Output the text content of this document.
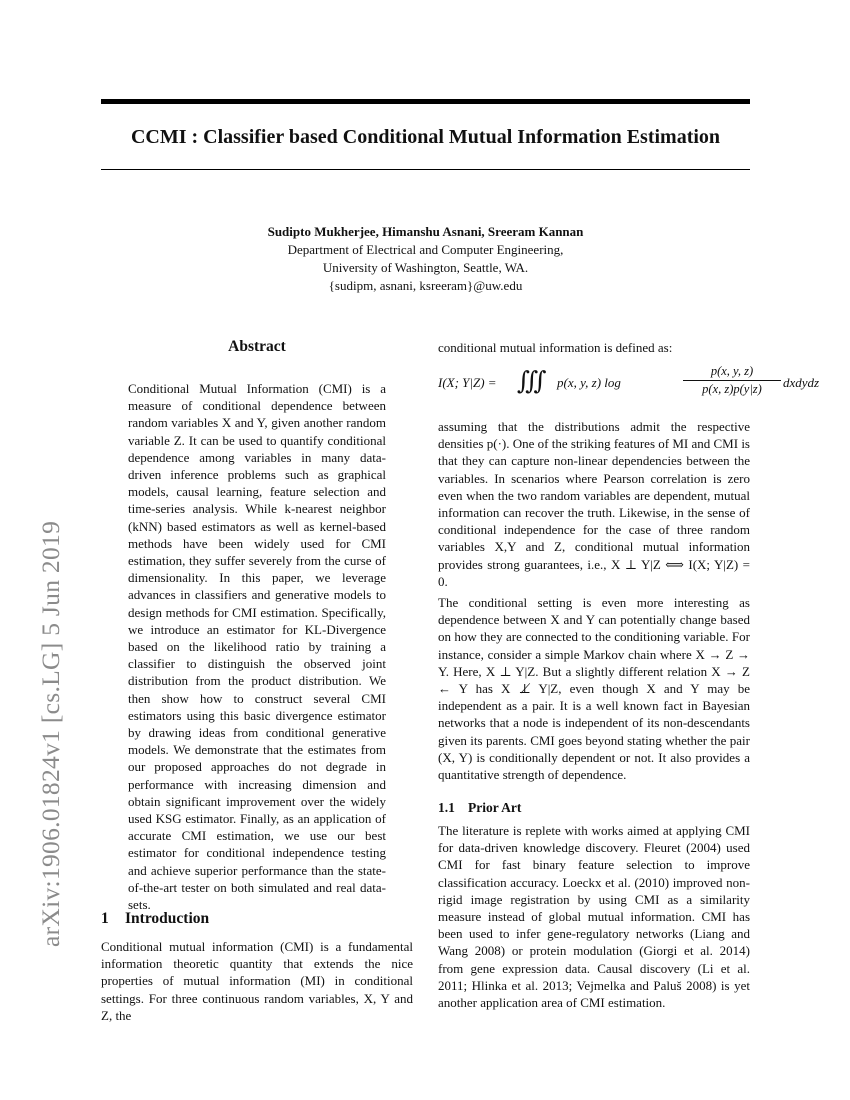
CCMI : Classifier based Conditional Mutual Information Estimation
Sudipto Mukherjee, Himanshu Asnani, Sreeram Kannan
Department of Electrical and Computer Engineering,
University of Washington, Seattle, WA.
{sudipm, asnani, ksreeram}@uw.edu
arXiv:1906.01824v1 [cs.LG] 5 Jun 2019
Abstract

Conditional Mutual Information (CMI) is a measure of conditional dependence between random variables X and Y, given another random variable Z. It can be used to quantify conditional dependence among variables in many data-driven inference problems such as graphical models, causal learning, feature selection and time-series analysis. While k-nearest neighbor (kNN) based estimators as well as kernel-based methods have been widely used for CMI estimation, they suffer severely from the curse of dimensionality. In this paper, we leverage advances in classifiers and generative models to design methods for CMI estimation. Specifically, we introduce an estimator for KL-Divergence based on the likelihood ratio by training a classifier to distinguish the observed joint distribution from the product distribution. We then show how to construct several CMI estimators using this basic divergence estimator by drawing ideas from conditional generative models. We demonstrate that the estimates from our proposed approaches do not degrade in performance with increasing dimension and obtain significant improvement over the widely used KSG estimator. Finally, as an application of accurate CMI estimation, we use our best estimator for conditional independence testing and achieve superior performance than the state-of-the-art tester on both simulated and real data-sets.

1 Introduction

Conditional mutual information (CMI) is a fundamental information theoretic quantity that extends the nice properties of mutual information (MI) in conditional settings. For three continuous random variables, X, Y and Z, the

conditional mutual information is defined as:

I(X; Y|Z) = ∭ p(x, y, z) log	$\frac{p(x, y, z)}{p(x, z)p(y|z)}$ dxdydz

assuming that the distributions admit the respective densities p(·). One of the striking features of MI and CMI is that they can capture non-linear dependencies between the variables. In scenarios where Pearson correlation is zero even when the two random variables are dependent, mutual information can recover the truth. Likewise, in the sense of conditional independence for the case of three random variables X,Y and Z, conditional mutual information provides strong guarantees, i.e., X ⊥ Y|Z ⟺ I(X; Y|Z) = 0.

The conditional setting is even more interesting as dependence between X and Y can potentially change based on how they are connected to the conditioning variable. For instance, consider a simple Markov chain where X → Z → Y. Here, X ⊥ Y|Z. But a slightly different relation X → Z ← Y has X ⊥̸ Y|Z, even though X and Y may be independent as a pair. It is a well known fact in Bayesian networks that a node is independent of its non-descendants given its parents. CMI goes beyond stating whether the pair (X, Y) is conditionally dependent or not. It also provides a quantitative strength of dependence.

1.1 Prior Art

The literature is replete with works aimed at applying CMI for data-driven knowledge discovery. Fleuret (2004) used CMI for fast binary feature selection to improve classification accuracy. Loeckx et al. (2010) improved non-rigid image registration by using CMI as a similarity measure instead of global mutual information. CMI has been used to infer gene-regulatory networks (Liang and Wang 2008) or protein modulation (Giorgi et al. 2014) from gene expression data. Causal discovery (Li et al. 2011; Hlinka et al. 2013; Vejmelka and Paluš 2008) is yet another application area of CMI estimation.
